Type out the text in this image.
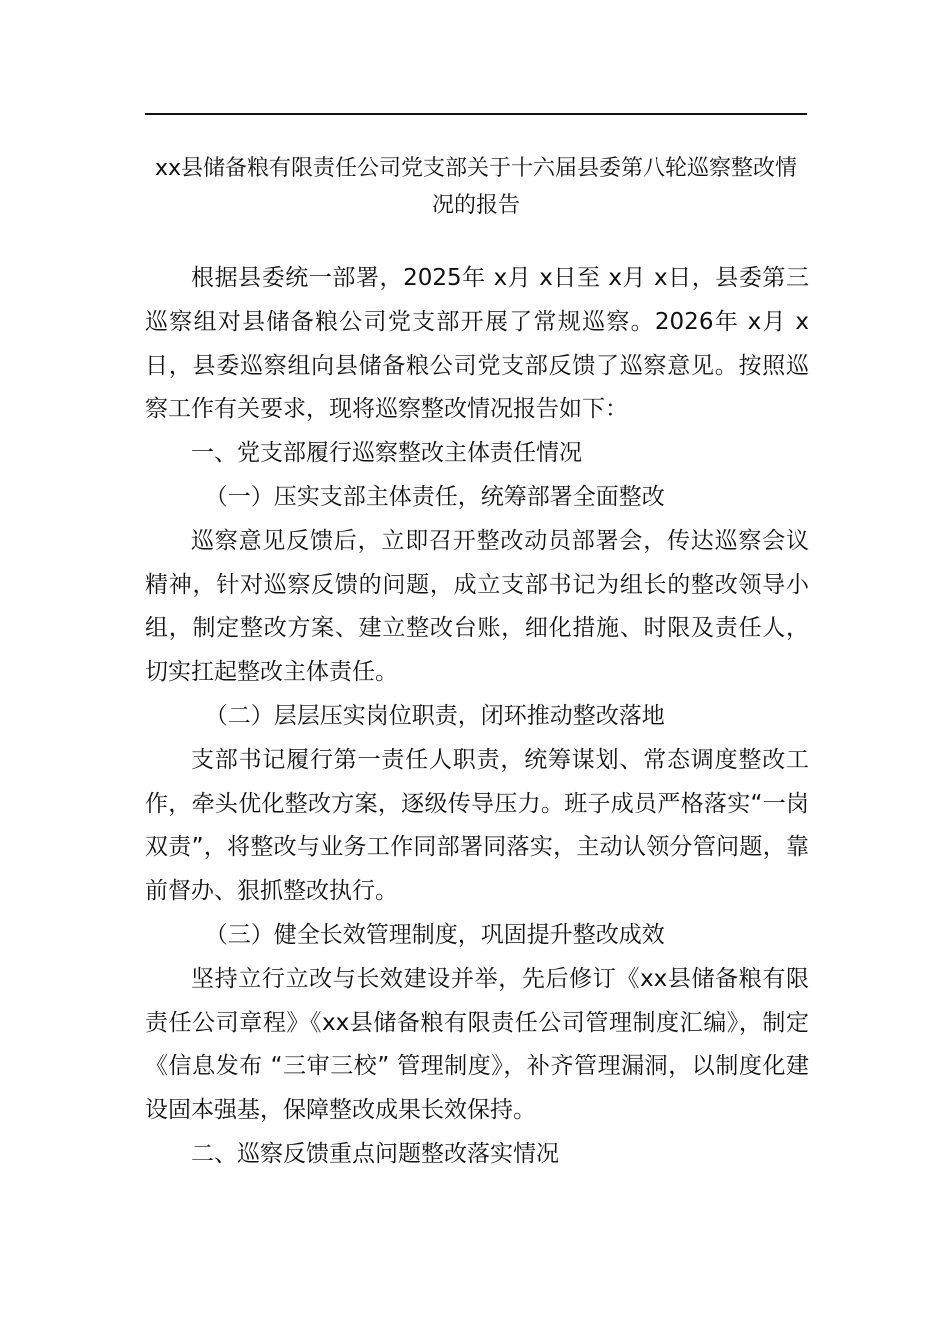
xx县储备粮有限责任公司党支部关于十六届县委第八轮巡察整改情况的报告

根据县委统一部署，2025年 x月 x日至 x月 x日，县委第三巡察组对县储备粮公司党支部开展了常规巡察。2026年 x月 x日，县委巡察组向县储备粮公司党支部反馈了巡察意见。按照巡察工作有关要求，现将巡察整改情况报告如下：

一、党支部履行巡察整改主体责任情况

（一）压实支部主体责任，统筹部署全面整改

巡察意见反馈后，立即召开整改动员部署会，传达巡察会议精神，针对巡察反馈的问题，成立支部书记为组长的整改领导小组，制定整改方案、建立整改台账，细化措施、时限及责任人，切实扛起整改主体责任。

（二）层层压实岗位职责，闭环推动整改落地

支部书记履行第一责任人职责，统筹谋划、常态调度整改工作，牵头优化整改方案，逐级传导压力。班子成员严格落实“一岗双责”，将整改与业务工作同部署同落实，主动认领分管问题，靠前督办、狠抓整改执行。

（三）健全长效管理制度，巩固提升整改成效

坚持立行立改与长效建设并举，先后修订《xx县储备粮有限责任公司章程》《xx县储备粮有限责任公司管理制度汇编》，制定《信息发布 “三审三校” 管理制度》，补齐管理漏洞，以制度化建设固本强基，保障整改成果长效保持。

二、巡察反馈重点问题整改落实情况
